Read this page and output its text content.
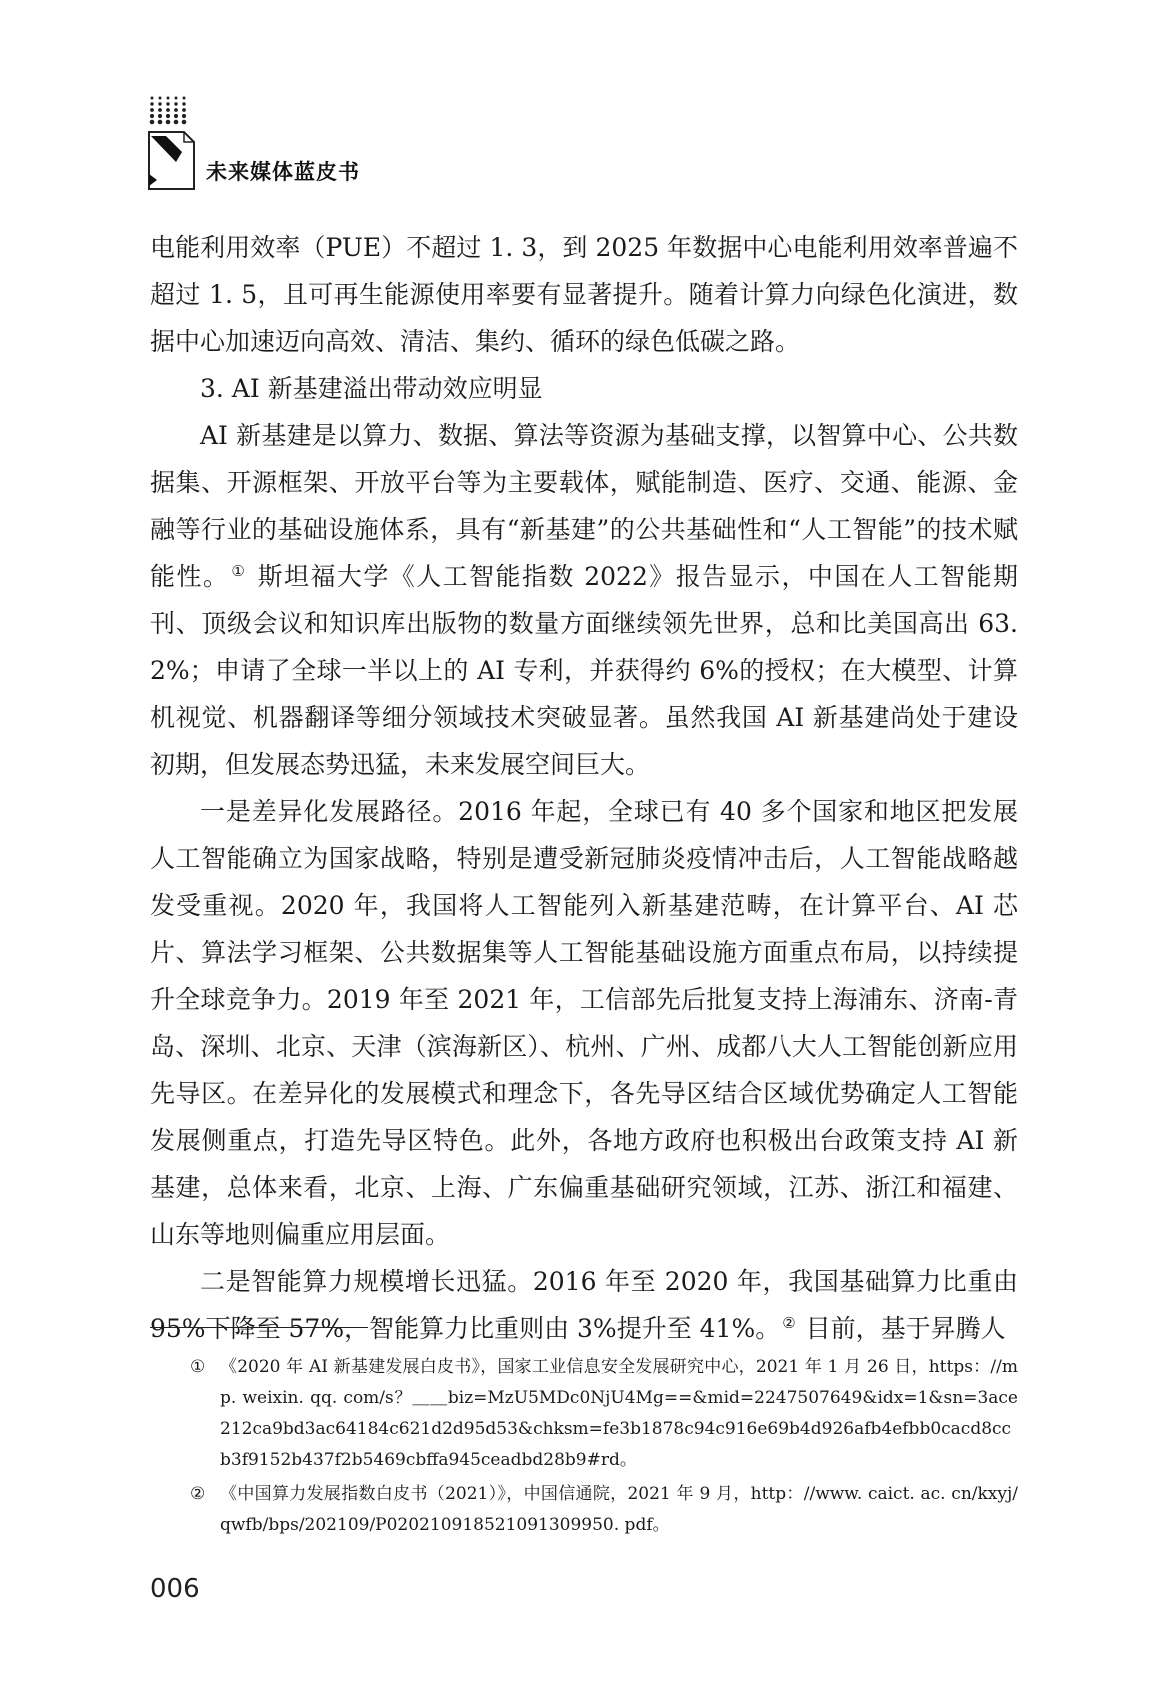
未来媒体蓝皮书

电能利用效率（PUE）不超过 1. 3，到 2025 年数据中心电能利用效率普遍不超过 1. 5，且可再生能源使用率要有显著提升。随着计算力向绿色化演进，数据中心加速迈向高效、清洁、集约、循环的绿色低碳之路。

3. AI 新基建溢出带动效应明显

AI 新基建是以算力、数据、算法等资源为基础支撑，以智算中心、公共数据集、开源框架、开放平台等为主要载体，赋能制造、医疗、交通、能源、金融等行业的基础设施体系，具有“新基建”的公共基础性和“人工智能”的技术赋能性。 ① 斯坦福大学《人工智能指数 2022》报告显示，中国在人工智能期刊、顶级会议和知识库出版物的数量方面继续领先世界，总和比美国高出 63. 2%；申请了全球一半以上的 AI 专利，并获得约 6%的授权；在大模型、计算机视觉、机器翻译等细分领域技术突破显著。虽然我国 AI 新基建尚处于建设初期，但发展态势迅猛，未来发展空间巨大。

一是差异化发展路径。2016 年起，全球已有 40 多个国家和地区把发展人工智能确立为国家战略，特别是遭受新冠肺炎疫情冲击后，人工智能战略越发受重视。2020 年，我国将人工智能列入新基建范畴，在计算平台、AI 芯片、算法学习框架、公共数据集等人工智能基础设施方面重点布局，以持续提升全球竞争力。2019 年至 2021 年，工信部先后批复支持上海浦东、济南-青岛、深圳、北京、天津（滨海新区）、杭州、广州、成都八大人工智能创新应用先导区。在差异化的发展模式和理念下，各先导区结合区域优势确定人工智能发展侧重点，打造先导区特色。此外，各地方政府也积极出台政策支持 AI 新基建，总体来看，北京、上海、广东偏重基础研究领域，江苏、浙江和福建、山东等地则偏重应用层面。

二是智能算力规模增长迅猛。2016 年至 2020 年，我国基础算力比重由 95%下降至 57%，智能算力比重则由 3%提升至 41%。 ② 目前，基于昇腾人

① 《2020 年 AI 新基建发展白皮书》，国家工业信息安全发展研究中心，2021 年 1 月 26 日，https：//mp. weixin. qq. com/s？＿＿biz=MzU5MDc0NjU4Mg==&mid=2247507649&idx=1&sn=3ace212ca9bd3ac64184c621d2d95d53&chksm=fe3b1878c94c916e69b4d926afb4efbb0cacd8ccb3f9152b437f2b5469cbffa945ceadbd28b9#rd。
② 《中国算力发展指数白皮书（2021）》，中国信通院，2021 年 9 月，http：//www. caict. ac. cn/kxyj/qwfb/bps/202109/P020210918521091309950. pdf。
006
